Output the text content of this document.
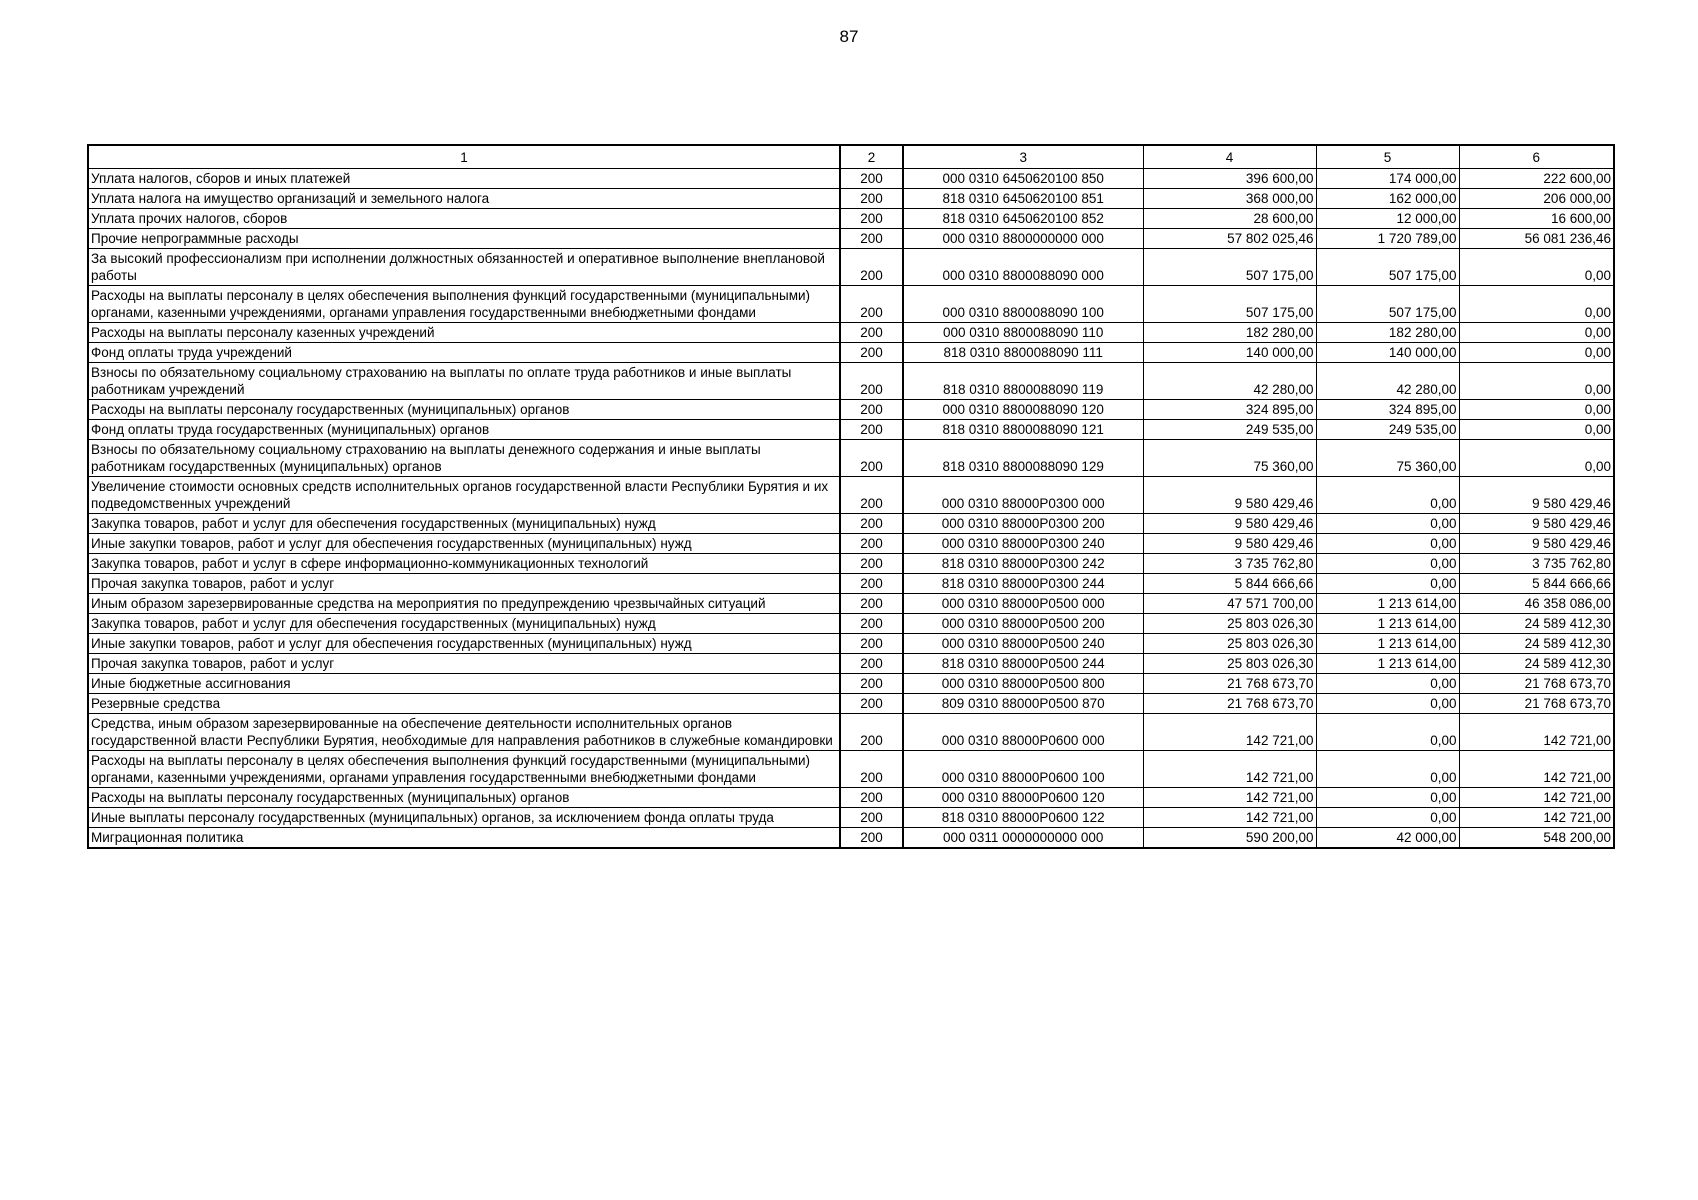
87
1	2	3	4	5	6
Уплата налогов, сборов и иных платежей	200	000 0310 6450620100 850	396 600,00	174 000,00	222 600,00
Уплата налога на имущество организаций и земельного налога	200	818 0310 6450620100 851	368 000,00	162 000,00	206 000,00
Уплата прочих налогов, сборов	200	818 0310 6450620100 852	28 600,00	12 000,00	16 600,00
Прочие непрограммные расходы	200	000 0310 8800000000 000	57 802 025,46	1 720 789,00	56 081 236,46
За высокий профессионализм при исполнении должностных обязанностей и оперативное выполнение внеплановой работы	200	000 0310 8800088090 000	507 175,00	507 175,00	0,00
Расходы на выплаты персоналу в целях обеспечения выполнения функций государственными (муниципальными) органами, казенными учреждениями, органами управления государственными внебюджетными фондами	200	000 0310 8800088090 100	507 175,00	507 175,00	0,00
Расходы на выплаты персоналу казенных учреждений	200	000 0310 8800088090 110	182 280,00	182 280,00	0,00
Фонд оплаты труда учреждений	200	818 0310 8800088090 111	140 000,00	140 000,00	0,00
Взносы по обязательному социальному страхованию на выплаты по оплате труда работников и иные выплаты работникам учреждений	200	818 0310 8800088090 119	42 280,00	42 280,00	0,00
Расходы на выплаты персоналу государственных (муниципальных) органов	200	000 0310 8800088090 120	324 895,00	324 895,00	0,00
Фонд оплаты труда государственных (муниципальных) органов	200	818 0310 8800088090 121	249 535,00	249 535,00	0,00
Взносы по обязательному социальному страхованию на выплаты денежного содержания и иные выплаты работникам государственных (муниципальных) органов	200	818 0310 8800088090 129	75 360,00	75 360,00	0,00
Увеличение стоимости основных средств исполнительных органов государственной власти Республики Бурятия и их подведомственных учреждений	200	000 0310 88000P0300 000	9 580 429,46	0,00	9 580 429,46
Закупка товаров, работ и услуг для обеспечения государственных (муниципальных) нужд	200	000 0310 88000P0300 200	9 580 429,46	0,00	9 580 429,46
Иные закупки товаров, работ и услуг для обеспечения государственных (муниципальных) нужд	200	000 0310 88000P0300 240	9 580 429,46	0,00	9 580 429,46
Закупка товаров, работ и услуг в сфере информационно-коммуникационных технологий	200	818 0310 88000P0300 242	3 735 762,80	0,00	3 735 762,80
Прочая закупка товаров, работ и услуг	200	818 0310 88000P0300 244	5 844 666,66	0,00	5 844 666,66
Иным образом зарезервированные средства на мероприятия по предупреждению чрезвычайных ситуаций	200	000 0310 88000P0500 000	47 571 700,00	1 213 614,00	46 358 086,00
Закупка товаров, работ и услуг для обеспечения государственных (муниципальных) нужд	200	000 0310 88000P0500 200	25 803 026,30	1 213 614,00	24 589 412,30
Иные закупки товаров, работ и услуг для обеспечения государственных (муниципальных) нужд	200	000 0310 88000P0500 240	25 803 026,30	1 213 614,00	24 589 412,30
Прочая закупка товаров, работ и услуг	200	818 0310 88000P0500 244	25 803 026,30	1 213 614,00	24 589 412,30
Иные бюджетные ассигнования	200	000 0310 88000P0500 800	21 768 673,70	0,00	21 768 673,70
Резервные средства	200	809 0310 88000P0500 870	21 768 673,70	0,00	21 768 673,70
Средства, иным образом зарезервированные на обеспечение деятельности исполнительных органов государственной власти Республики Бурятия, необходимые для направления работников в служебные командировки	200	000 0310 88000P0600 000	142 721,00	0,00	142 721,00
Расходы на выплаты персоналу в целях обеспечения выполнения функций государственными (муниципальными) органами, казенными учреждениями, органами управления государственными внебюджетными фондами	200	000 0310 88000P0600 100	142 721,00	0,00	142 721,00
Расходы на выплаты персоналу государственных (муниципальных) органов	200	000 0310 88000P0600 120	142 721,00	0,00	142 721,00
Иные выплаты персоналу государственных (муниципальных) органов, за исключением фонда оплаты труда	200	818 0310 88000P0600 122	142 721,00	0,00	142 721,00
Миграционная политика	200	000 0311 0000000000 000	590 200,00	42 000,00	548 200,00
